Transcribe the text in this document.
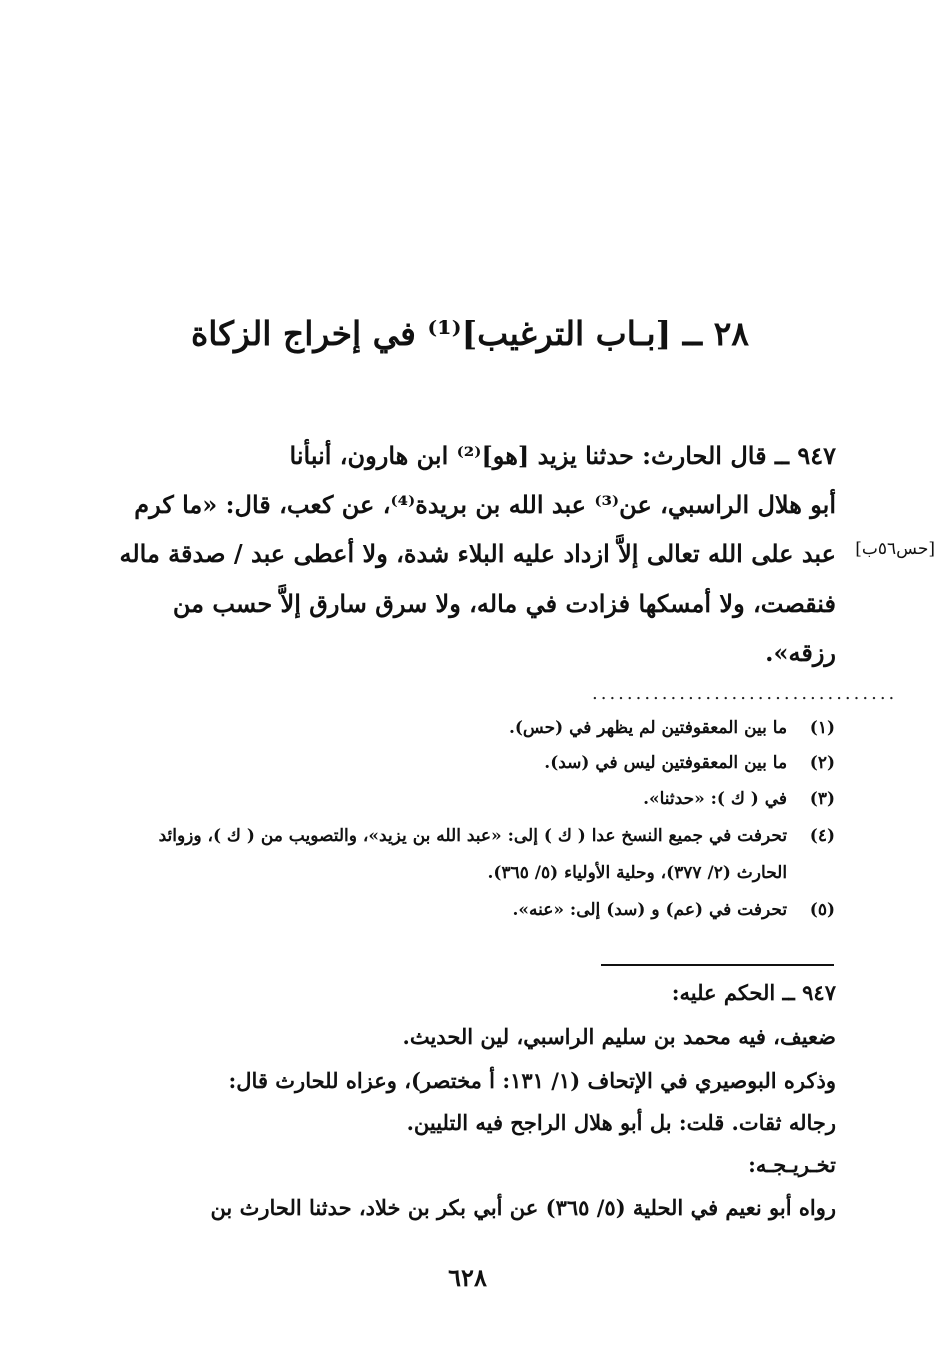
٢٨ ــ [بـاب الترغيب]⁽¹⁾ في إخراج الزكاة
٩٤٧ ــ قال الحارث: حدثنا يزيد [هو]⁽²⁾ ابن هارون، أنبأنا
أبو هلال الراسبي، عن⁽³⁾ عبد الله بن بريدة⁽⁴⁾، عن كعب، قال: «ما كرم
عبد على الله تعالى إلاَّ ازداد عليه البلاء شدة، ولا أعطى عبد / صدقة ماله
فنقصت، ولا أمسكها فزادت في ماله، ولا سرق سارق إلاَّ حسب من
رزقه».
[حس٥٦ب]
...................................
(١) ما بين المعقوفتين لم يظهر في (حس).
(٢) ما بين المعقوفتين ليس في (سد).
(٣) في ( ك ): «حدثنا».
(٤) تحرفت في جميع النسخ عدا ( ك ) إلى: «عبد الله بن يزيد»، والتصويب من ( ك )، وزوائد
الحارث (٢/ ٣٧٧)، وحلية الأولياء (٥/ ٣٦٥).
(٥) تحرفت في (عم) و (سد) إلى: «عنه».
٩٤٧ ــ الحكم عليه:
ضعيف، فيه محمد بن سليم الراسبي، لين الحديث.
وذكره البوصيري في الإتحاف (١/ ١٣١: أ مختصر)، وعزاه للحارث قال:
رجاله ثقات. قلت: بل أبو هلال الراجح فيه التليين.
تخـريـجـه:
رواه أبو نعيم في الحلية (٥/ ٣٦٥) عن أبي بكر بن خلاد، حدثنا الحارث بن
٦٢٨
